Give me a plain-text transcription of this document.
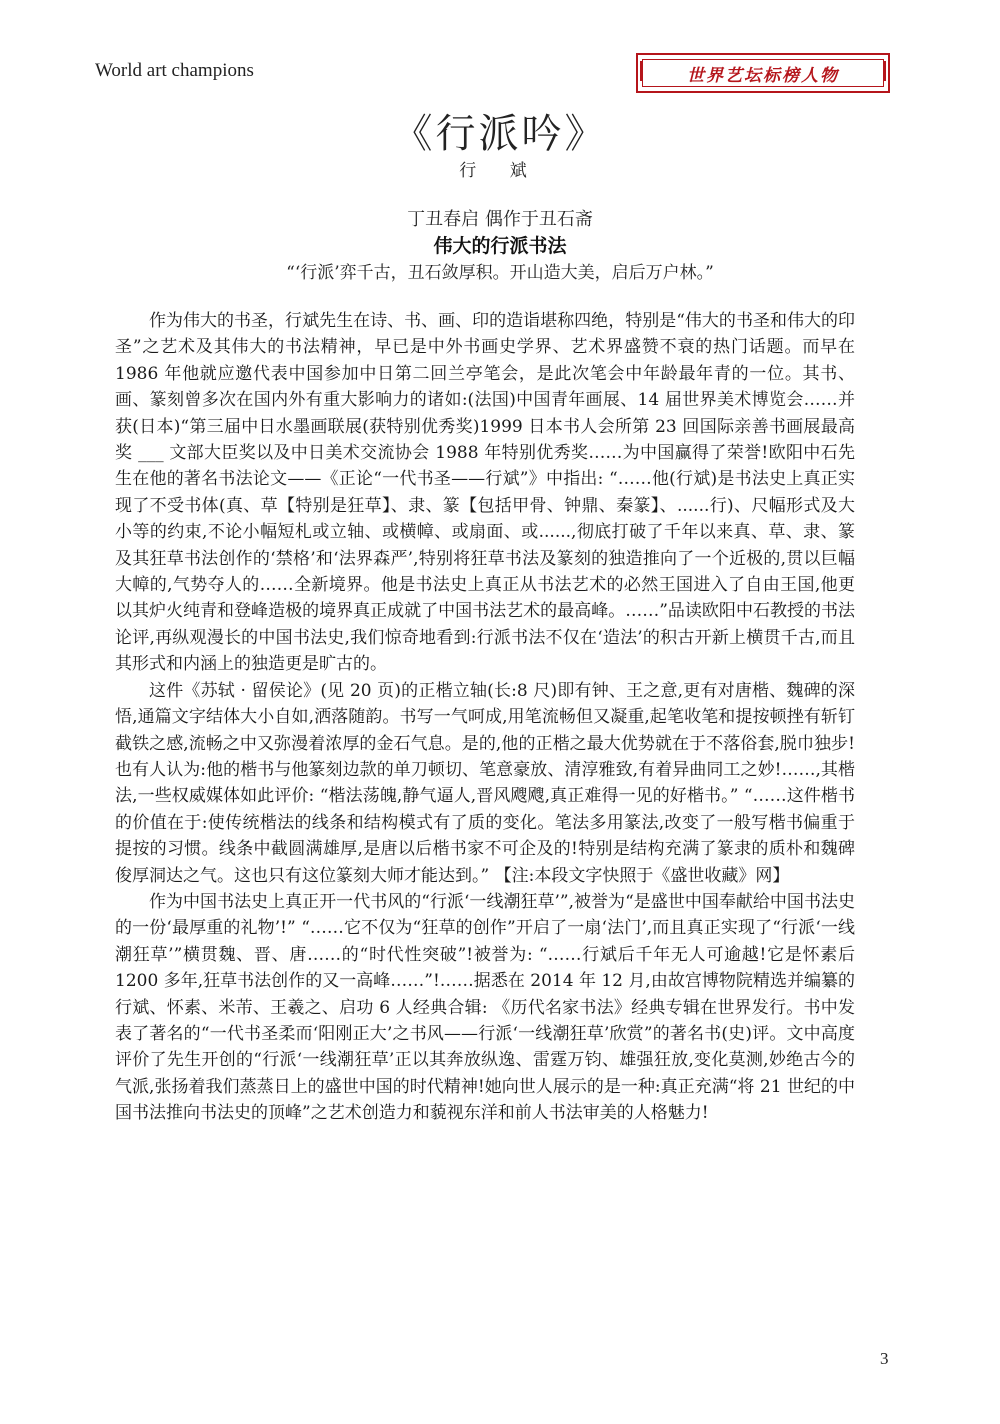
World art champions	世界艺坛标榜人物
《行派吟》
行 斌
丁丑春启 偶作于丑石斋
伟大的行派书法
“‘行派’弈千古，丑石敛厚积。开山造大美，启后万户林。”

作为伟大的书圣，行斌先生在诗、书、画、印的造诣堪称四绝，特别是“伟大的书圣和伟大的印圣”之艺术及其伟大的书法精神，早已是中外书画史学界、艺术界盛赞不衰的热门话题。而早在 1986 年他就应邀代表中国参加中日第二回兰亭笔会，是此次笔会中年龄最年青的一位。其书、画、篆刻曾多次在国内外有重大影响力的诸如:(法国)中国青年画展、14 届世界美术博览会……并获(日本)“第三届中日水墨画联展(获特别优秀奖)1999 日本书人会所第 23 回国际亲善书画展最高奖 ___ 文部大臣奖以及中日美术交流协会 1988 年特别优秀奖……为中国赢得了荣誉!欧阳中石先生在他的著名书法论文——《正论“一代书圣——行斌”》中指出: “……他(行斌)是书法史上真正实现了不受书体(真、草【特别是狂草】、隶、篆【包括甲骨、钟鼎、秦篆】、......行)、尺幅形式及大小等的约束,不论小幅短札或立轴、或横幛、或扇面、或......,彻底打破了千年以来真、草、隶、篆及其狂草书法创作的‘禁格’和‘法界森严’,特别将狂草书法及篆刻的独造推向了一个近极的,贯以巨幅大幛的,气势夺人的……全新境界。他是书法史上真正从书法艺术的必然王国进入了自由王国,他更以其炉火纯青和登峰造极的境界真正成就了中国书法艺术的最高峰。……”品读欧阳中石教授的书法论评,再纵观漫长的中国书法史,我们惊奇地看到:行派书法不仅在‘造法’的积古开新上横贯千古,而且其形式和内涵上的独造更是旷古的。

这件《苏轼 · 留侯论》(见 20 页)的正楷立轴(长:8 尺)即有钟、王之意,更有对唐楷、魏碑的深悟,通篇文字结体大小自如,洒落随韵。书写一气呵成,用笔流畅但又凝重,起笔收笔和提按顿挫有斩钉截铁之感,流畅之中又弥漫着浓厚的金石气息。是的,他的正楷之最大优势就在于不落俗套,脱巾独步!也有人认为:他的楷书与他篆刻边款的单刀顿切、笔意豪放、清淳雅致,有着异曲同工之妙!……,其楷法,一些权威媒体如此评价: “楷法荡魄,静气逼人,晋风飕飕,真正难得一见的好楷书。” “……这件楷书的价值在于:使传统楷法的线条和结构模式有了质的变化。笔法多用篆法,改变了一般写楷书偏重于提按的习惯。线条中截圆满雄厚,是唐以后楷书家不可企及的!特别是结构充满了篆隶的质朴和魏碑俊厚洞达之气。这也只有这位篆刻大师才能达到。” 【注:本段文字快照于《盛世收藏》网】

作为中国书法史上真正开一代书风的“行派‘一线潮狂草’”,被誉为“是盛世中国奉献给中国书法史的一份‘最厚重的礼物’!” “……它不仅为“狂草的创作”开启了一扇‘法门’,而且真正实现了“行派‘一线潮狂草’”横贯魏、晋、唐……的“时代性突破”!被誉为: “……行斌后千年无人可逾越!它是怀素后 1200 多年,狂草书法创作的又一高峰……”!……据悉在 2014 年 12 月,由故宫博物院精选并编纂的行斌、怀素、米芾、王羲之、启功 6 人经典合辑: 《历代名家书法》经典专辑在世界发行。书中发表了著名的“一代书圣柔而‘阳刚正大’之书风——行派‘一线潮狂草’欣赏”的著名书(史)评。文中高度评价了先生开创的“行派‘一线潮狂草’正以其奔放纵逸、雷霆万钧、雄强狂放,变化莫测,妙绝古今的气派,张扬着我们蒸蒸日上的盛世中国的时代精神!她向世人展示的是一种:真正充满“将 21 世纪的中国书法推向书法史的顶峰”之艺术创造力和藐视东洋和前人书法审美的人格魅力!

3
